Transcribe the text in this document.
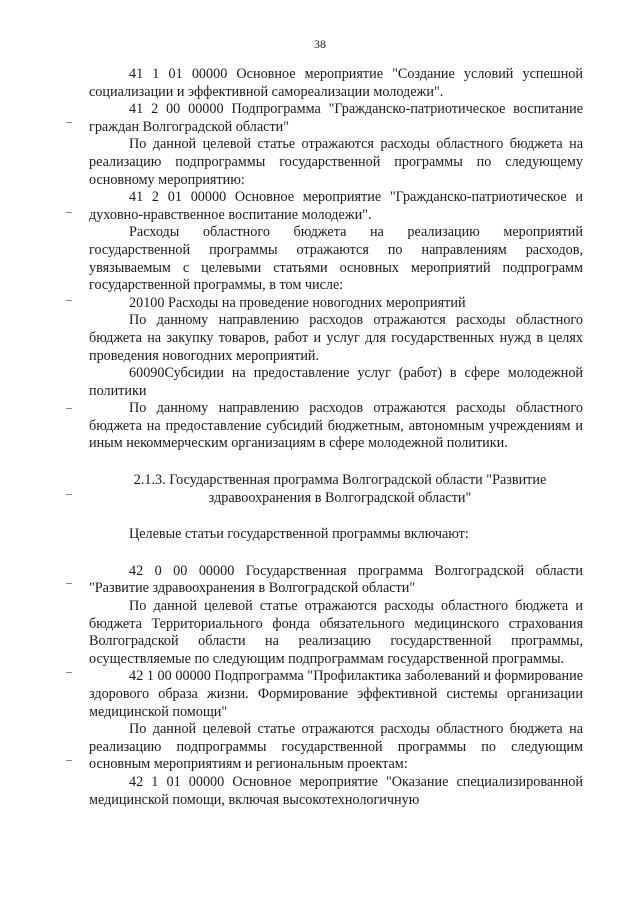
38

41 1 01 00000 Основное мероприятие "Создание условий успешной социализации и эффективной самореализации молодежи".

41 2 00 00000 Подпрограмма "Гражданско-патриотическое воспитание граждан Волгоградской области"

По данной целевой статье отражаются расходы областного бюджета на реализацию подпрограммы государственной программы по следующему основному мероприятию:

41 2 01 00000 Основное мероприятие "Гражданско-патриотическое и духовно-нравственное воспитание молодежи".

Расходы областного бюджета на реализацию мероприятий государственной программы отражаются по направлениям расходов, увязываемым с целевыми статьями основных мероприятий подпрограмм государственной программы, в том числе:

20100 Расходы на проведение новогодних мероприятий

По данному направлению расходов отражаются расходы областного бюджета на закупку товаров, работ и услуг для государственных нужд в целях проведения новогодних мероприятий.

60090Субсидии на предоставление услуг (работ) в сфере молодежной политики

По данному направлению расходов отражаются расходы областного бюджета на предоставление субсидий бюджетным, автономным учреждениям и иным некоммерческим организациям в сфере молодежной политики.

2.1.3. Государственная программа Волгоградской области "Развитие здравоохранения в Волгоградской области"

Целевые статьи государственной программы включают:

42 0 00 00000 Государственная программа Волгоградской области "Развитие здравоохранения в Волгоградской области"

По данной целевой статье отражаются расходы областного бюджета и бюджета Территориального фонда обязательного медицинского страхования Волгоградской области на реализацию государственной программы, осуществляемые по следующим подпрограммам государственной программы.

42 1 00 00000 Подпрограмма "Профилактика заболеваний и формирование здорового образа жизни. Формирование эффективной системы организации медицинской помощи"

По данной целевой статье отражаются расходы областного бюджета на реализацию подпрограммы государственной программы по следующим основным мероприятиям и региональным проектам:

42 1 01 00000 Основное мероприятие "Оказание специализированной медицинской помощи, включая высокотехнологичную
